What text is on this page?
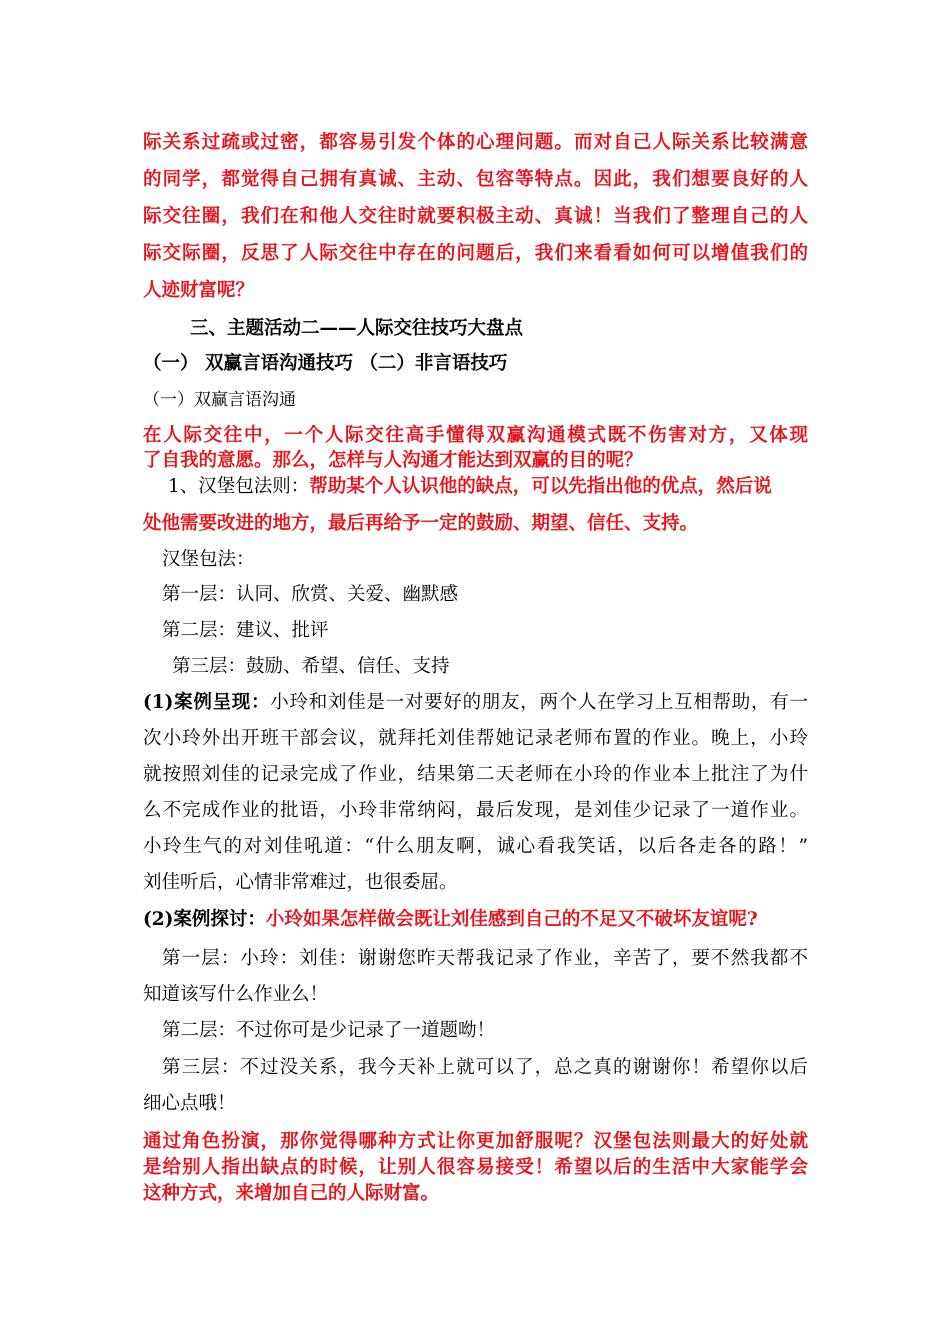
际关系过疏或过密，都容易引发个体的心理问题。而对自己人际关系比较满意
的同学，都觉得自己拥有真诚、主动、包容等特点。因此，我们想要良好的人
际交往圈，我们在和他人交往时就要积极主动、真诚！当我们了整理自己的人
际交际圈，反思了人际交往中存在的问题后，我们来看看如何可以增值我们的
人迹财富呢？
三、主题活动二——人际交往技巧大盘点
（一） 双赢言语沟通技巧 （二）非言语技巧
（一）双赢言语沟通
在人际交往中，一个人际交往高手懂得双赢沟通模式既不伤害对方，又体现
了自我的意愿。那么，怎样与人沟通才能达到双赢的目的呢？
1、汉堡包法则：帮助某个人认识他的缺点，可以先指出他的优点，然后说
处他需要改进的地方，最后再给予一定的鼓励、期望、信任、支持。
汉堡包法：
第一层：认同、欣赏、关爱、幽默感
第二层：建议、批评
第三层：鼓励、希望、信任、支持
(1)案例呈现：小玲和刘佳是一对要好的朋友，两个人在学习上互相帮助，有一
次小玲外出开班干部会议，就拜托刘佳帮她记录老师布置的作业。晚上，小玲
就按照刘佳的记录完成了作业，结果第二天老师在小玲的作业本上批注了为什
么不完成作业的批语，小玲非常纳闷，最后发现，是刘佳少记录了一道作业。
小玲生气的对刘佳吼道：“什么朋友啊，诚心看我笑话，以后各走各的路！”
刘佳听后，心情非常难过，也很委屈。
(2)案例探讨：小玲如果怎样做会既让刘佳感到自己的不足又不破坏友谊呢?
第一层：小玲：刘佳：谢谢您昨天帮我记录了作业，辛苦了，要不然我都不
知道该写什么作业么！
第二层：不过你可是少记录了一道题呦！
第三层：不过没关系，我今天补上就可以了，总之真的谢谢你！希望你以后
细心点哦！
通过角色扮演，那你觉得哪种方式让你更加舒服呢？汉堡包法则最大的好处就
是给别人指出缺点的时候，让别人很容易接受！希望以后的生活中大家能学会
这种方式，来增加自己的人际财富。
